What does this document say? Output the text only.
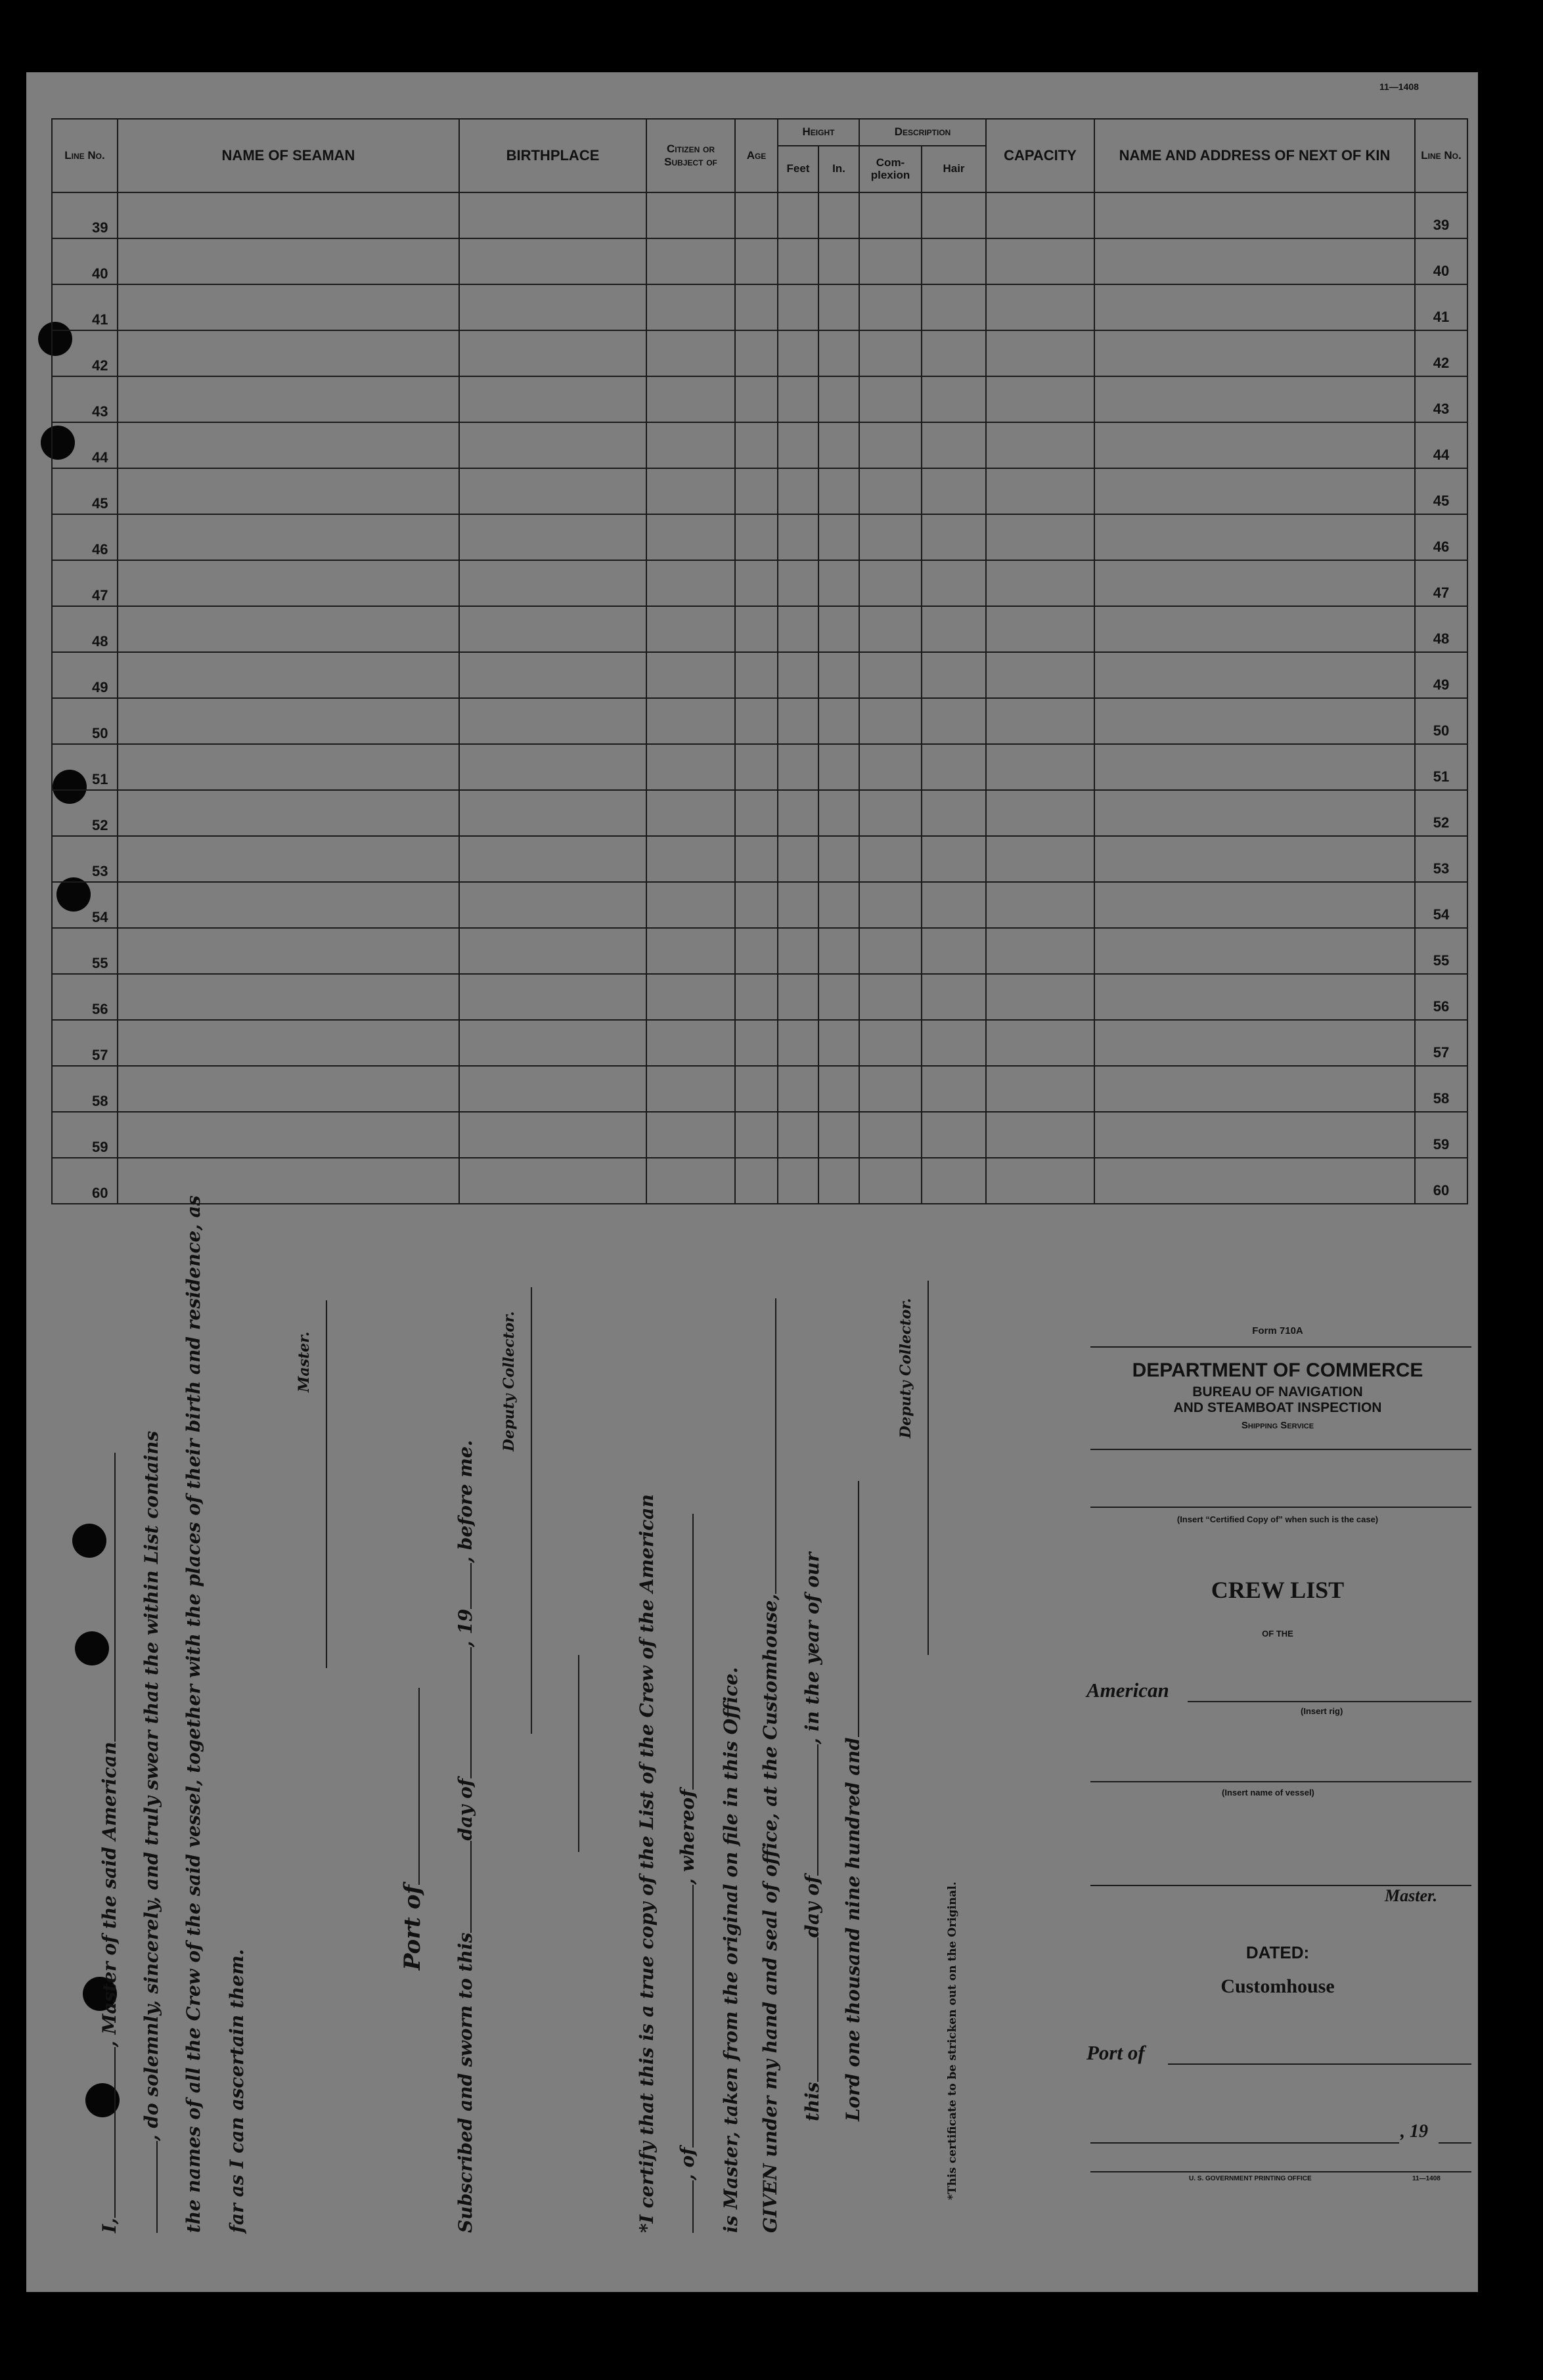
11—1408
Line No.	NAME OF SEAMAN	BIRTHPLACE	Citizen or Subject of	Age	Height		Description		CAPACITY	NAME AND ADDRESS OF NEXT OF KIN	Line No.
					Feet	In.	Com-plexion	Hair			
39											39
40											40
41											41
42											42
43											43
44											44
45											45
46											46
47											47
48											48
49											49
50											50
51											51
52											52
53											53
54											54
55											55
56											56
57											57
58											58
59											59
60											60
I,, Master of the said American , do solemnly, sincerely, and truly swear that the within List contains the names of all the Crew of the said vessel, together with the places of their birth and residence, as far as I can ascertain them.
Master.
Port of
Subscribed and sworn to thisday of, 19, before me.
Deputy Collector.
*I certify that this is a true copy of the List of the Crew of the American , of, whereof is Master, taken from the original on file in this Office. GIVEN under my hand and seal of office, at the Customhouse, thisday of, in the year of our
Lord one thousand nine hundred and
Deputy Collector.
*This certificate to be stricken out on the Original.
Form 710A
DEPARTMENT OF COMMERCE
BUREAU OF NAVIGATION
AND STEAMBOAT INSPECTION
Shipping Service
(Insert “Certified Copy of” when such is the case)
CREW LIST
OF THE
American
(Insert rig)
(Insert name of vessel)
Master.
DATED:
Customhouse
Port of
, 19
U. S. GOVERNMENT PRINTING OFFICE	11—1408
